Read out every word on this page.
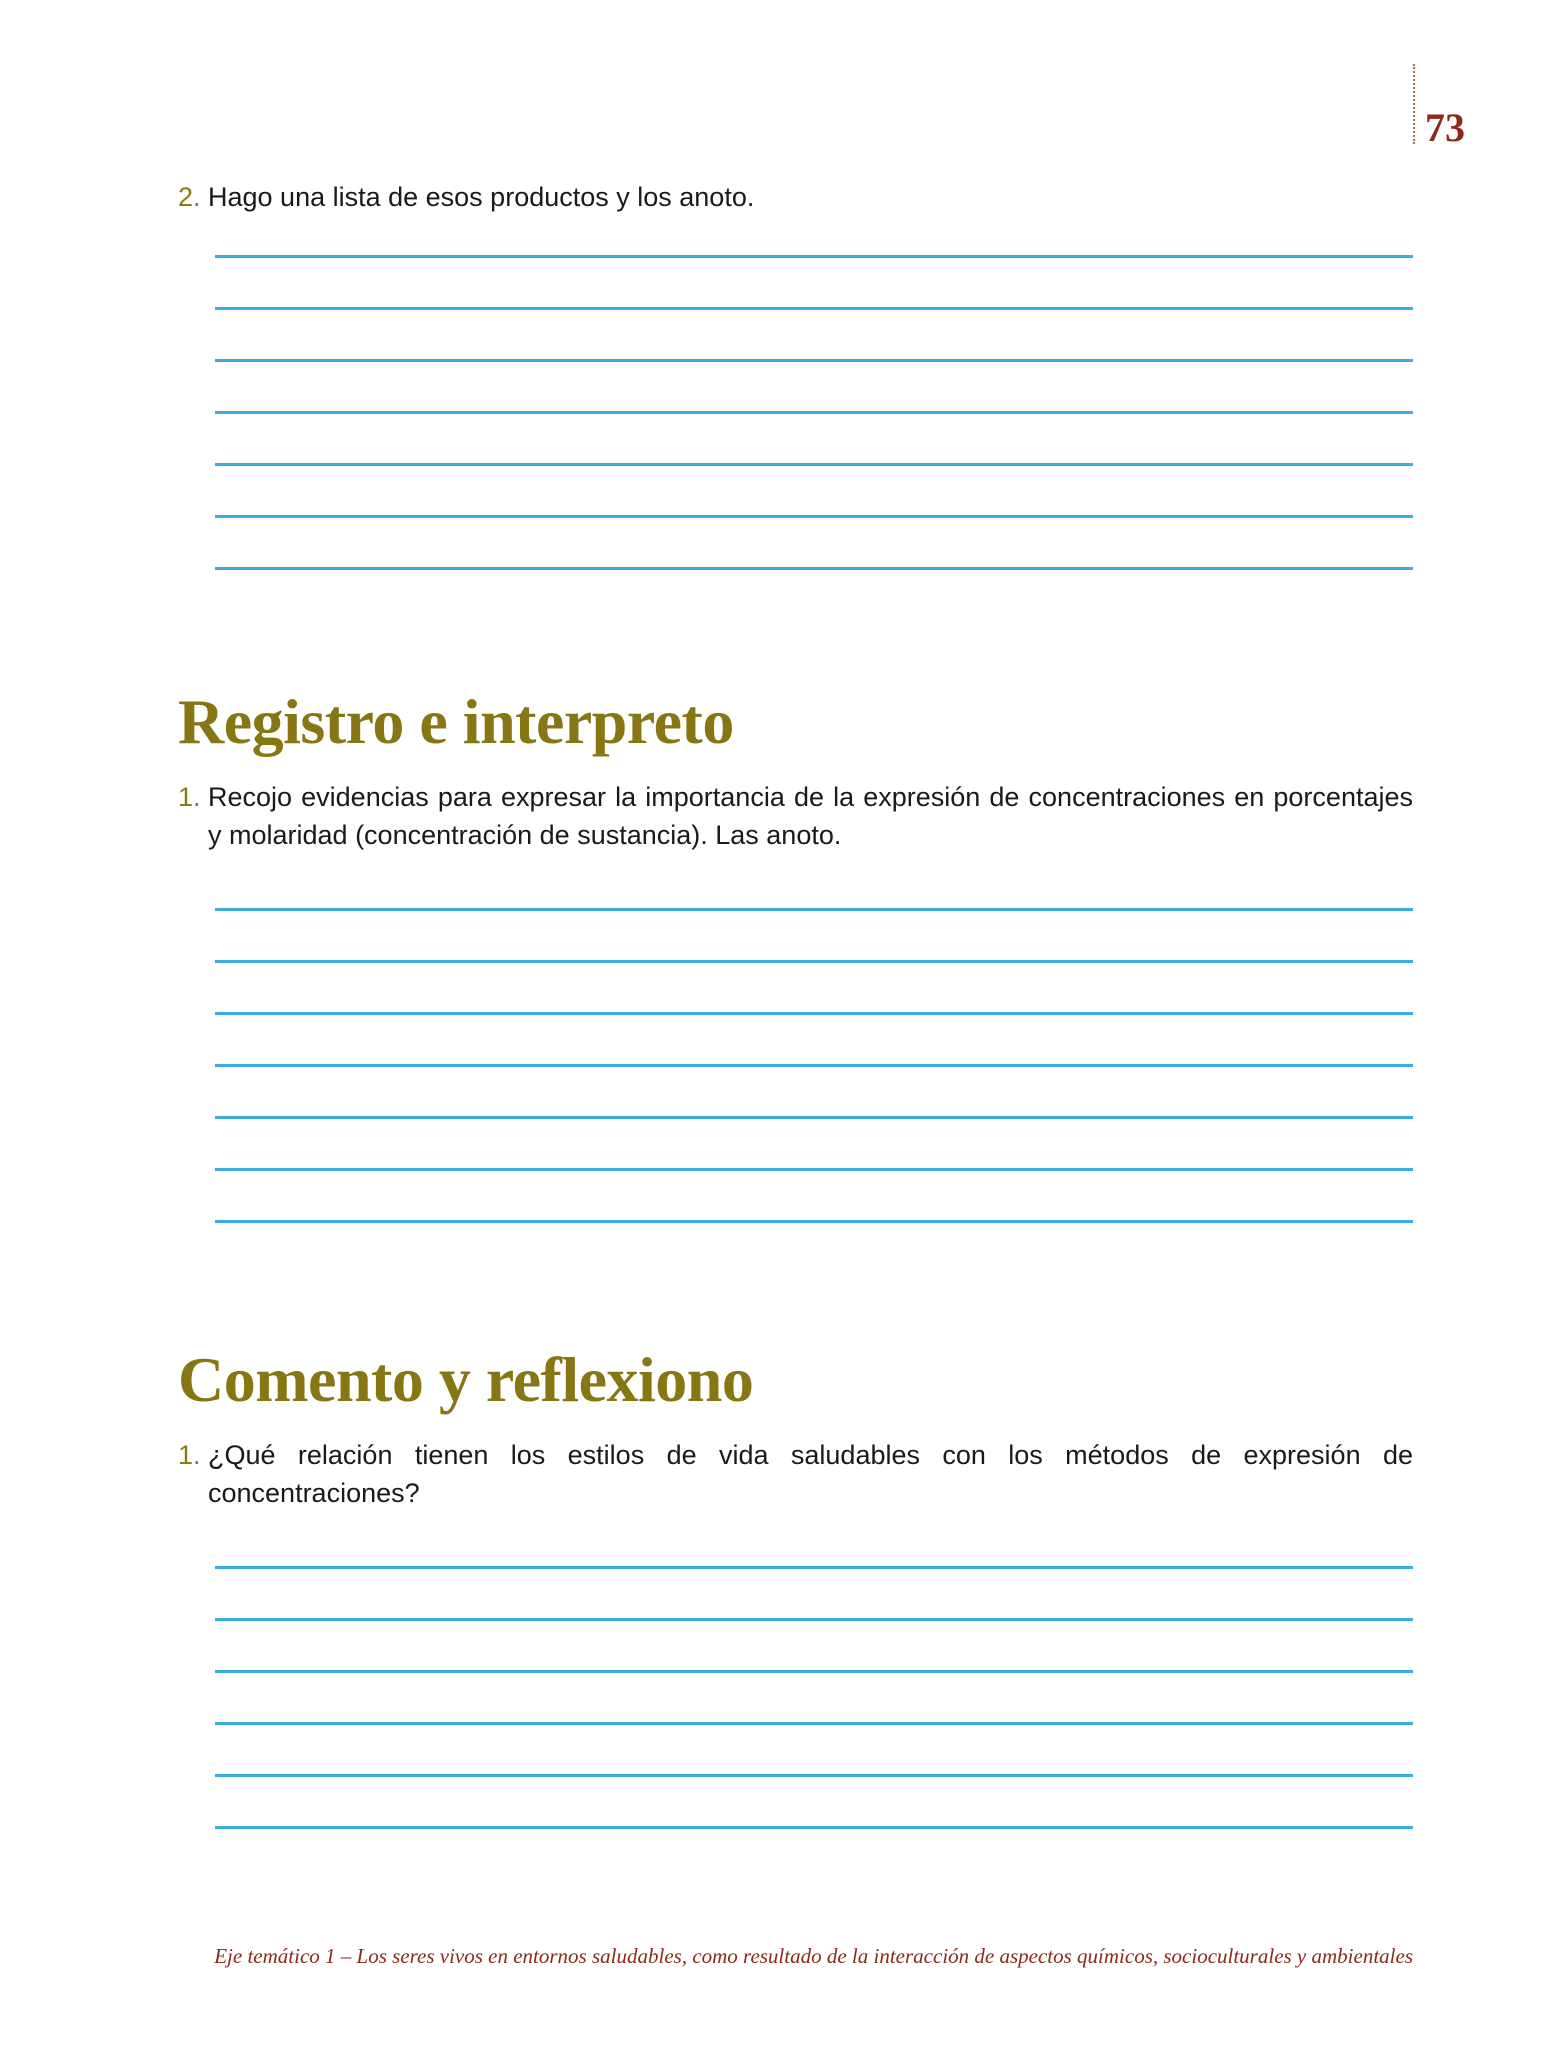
73
2. Hago una lista de esos productos y los anoto.
Registro e interpreto
1. Recojo evidencias para expresar la importancia de la expresión de concentraciones en porcentajes y molaridad (concentración de sustancia). Las anoto.
Comento y reflexiono
1. ¿Qué relación tienen los estilos de vida saludables con los métodos de expresión de concentraciones?
Eje temático 1 – Los seres vivos en entornos saludables, como resultado de la interacción de aspectos químicos, socioculturales y ambientales
